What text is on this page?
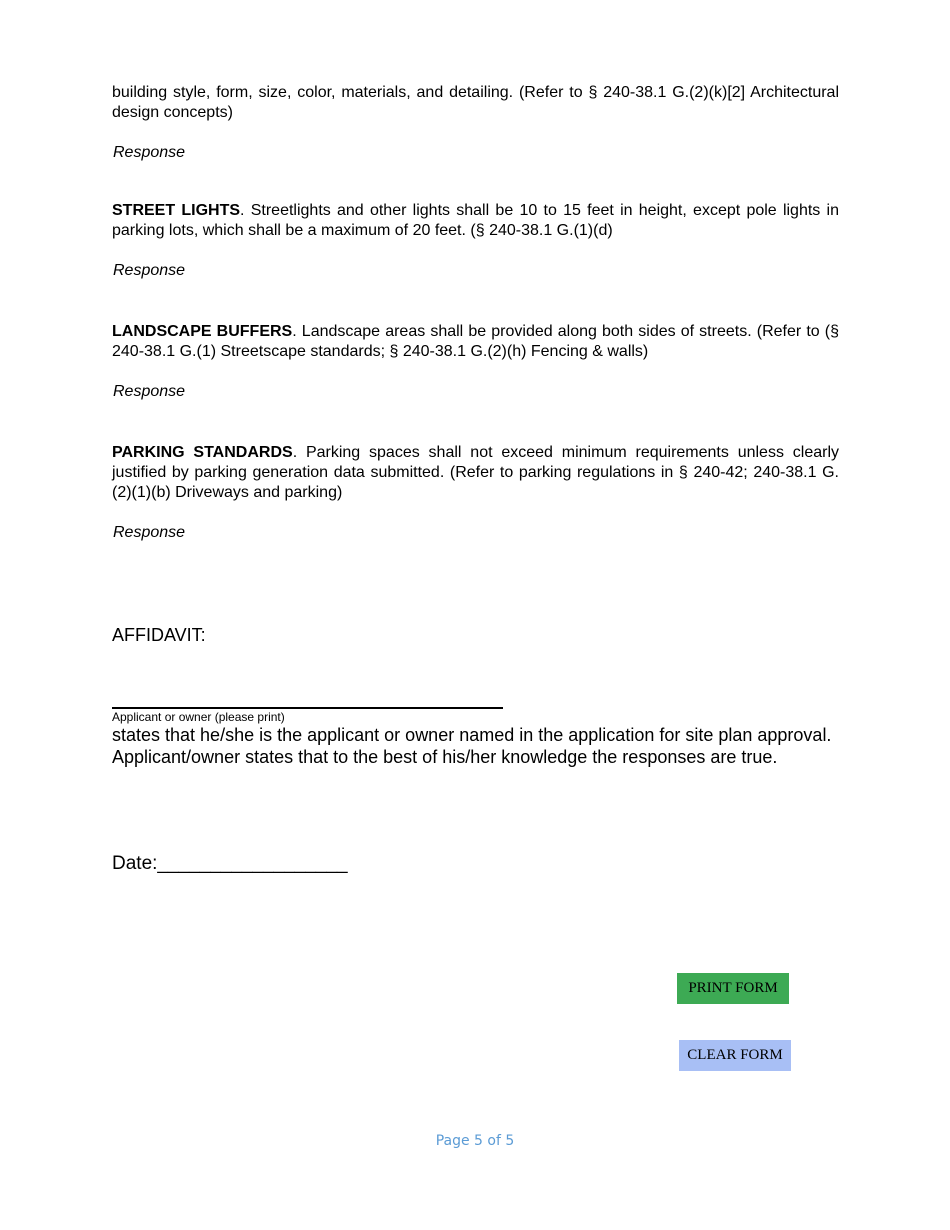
building style, form, size, color, materials, and detailing. (Refer to § 240-38.1 G.(2)(k)[2] Architectural design concepts)

Response

STREET LIGHTS. Streetlights and other lights shall be 10 to 15 feet in height, except pole lights in parking lots, which shall be a maximum of 20 feet. (§ 240-38.1 G.(1)(d)

Response

LANDSCAPE BUFFERS. Landscape areas shall be provided along both sides of streets. (Refer to (§ 240-38.1 G.(1) Streetscape standards; § 240-38.1 G.(2)(h) Fencing & walls)

Response

PARKING STANDARDS. Parking spaces shall not exceed minimum requirements unless clearly justified by parking generation data submitted. (Refer to parking regulations in § 240-42; 240-38.1 G.(2)(1)(b) Driveways and parking)

Response

AFFIDAVIT:

Applicant or owner (please print)

states that he/she is the applicant or owner named in the application for site plan approval. Applicant/owner states that to the best of his/her knowledge the responses are true.

Date:__________________

PRINT FORM
CLEAR FORM

Page 5 of 5
